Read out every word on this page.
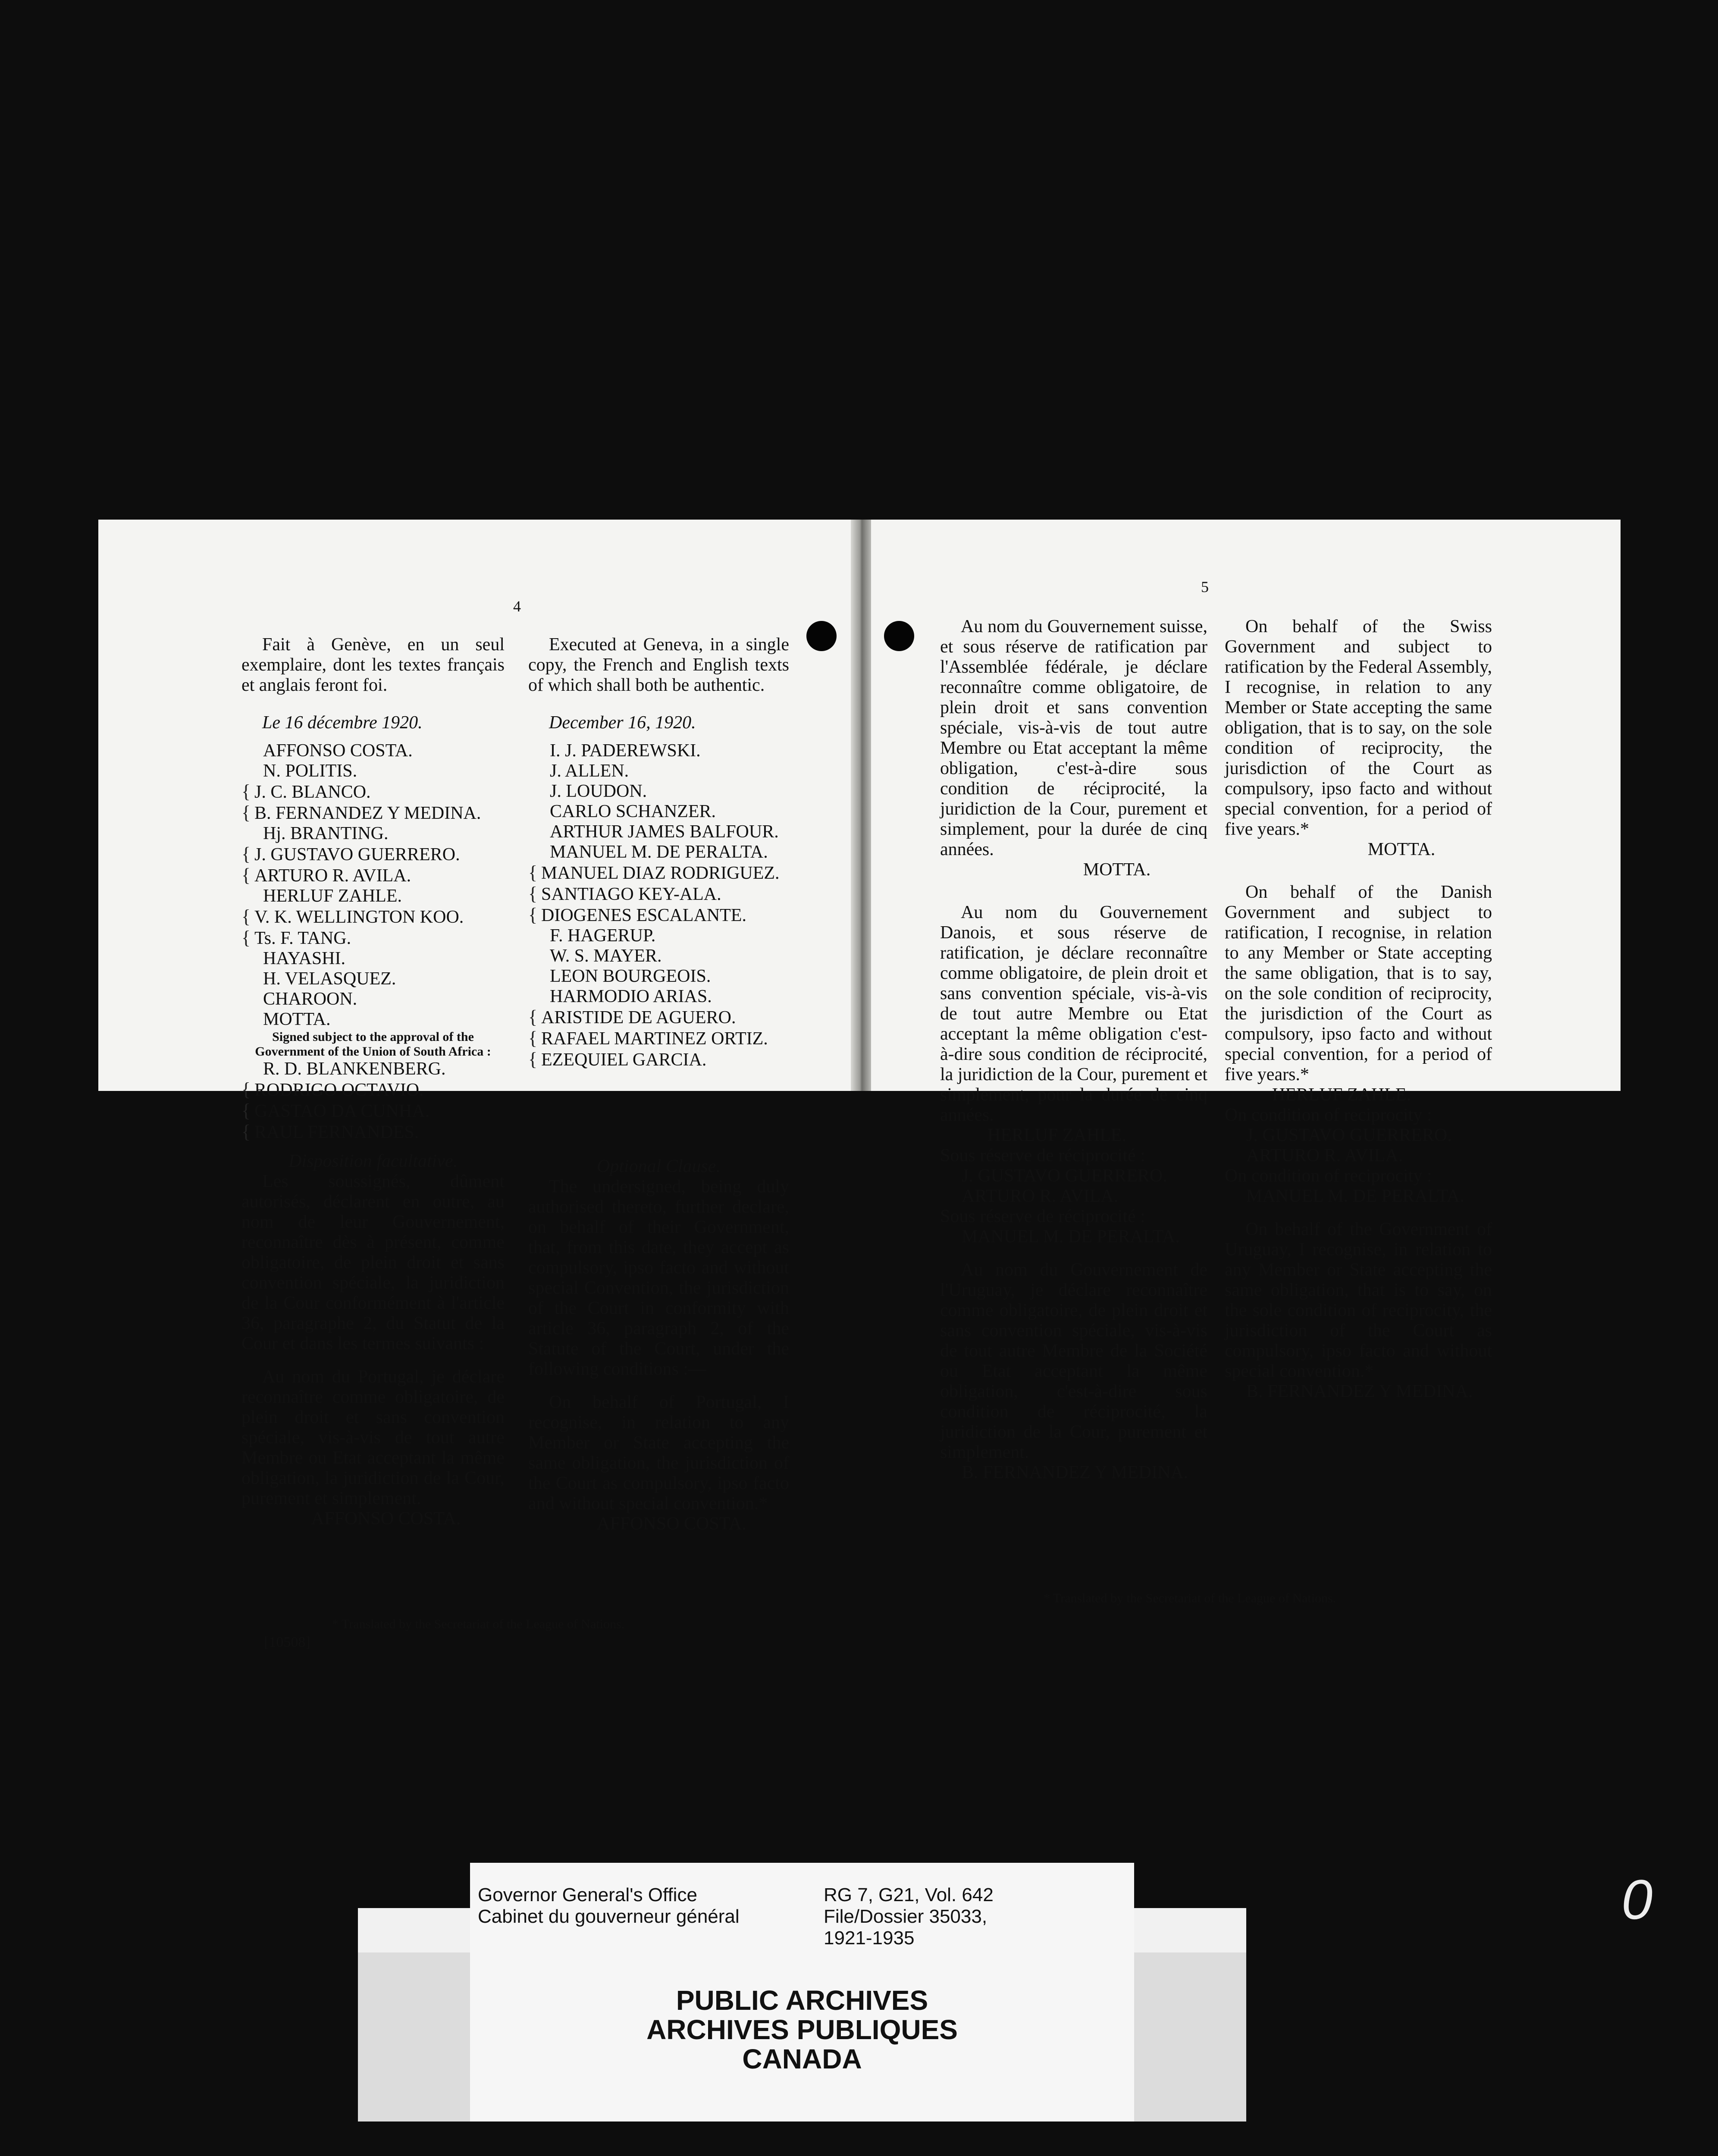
4

Fait à Genève, en un seul exemplaire, dont les textes français et anglais feront foi.

Le 16 décembre 1920.

AFFONSO COSTA.
N. POLITIS.
{ J. C. BLANCO.
{ B. FERNANDEZ Y MEDINA.
Hj. BRANTING.
{ J. GUSTAVO GUERRERO.
{ ARTURO R. AVILA.
HERLUF ZAHLE.
{ V. K. WELLINGTON KOO.
{ Ts. F. TANG.
HAYASHI.
H. VELASQUEZ.
CHAROON.
MOTTA.

Signed subject to the approval of the Government of the Union of South Africa :

R. D. BLANKENBERG.
{ RODRIGO OCTAVIO.
{ GASTAO DA CUNHA.
{ RAUL FERNANDES.

Disposition facultative.

Les soussignés, dûment autorisés, déclarent en outre, au nom de leur Gouvernement, reconnaître dès à présent, comme obligatoire, de plein droit et sans convention spéciale, la juridiction de la Cour conformément à l'article 36, paragraphe 2, du Statut de la Cour et dans les termes suivants :

Au nom du Portugal, je déclare reconnaître comme obligatoire, de plein droit et sans convention spéciale, vis-à-vis de tout autre Membre ou Etat acceptant la même obligation, la juridiction de la Cour, purement et simplement.

AFFONSO COSTA.

Executed at Geneva, in a single copy, the French and English texts of which shall both be authentic.

December 16, 1920.

I. J. PADEREWSKI.
J. ALLEN.
J. LOUDON.
CARLO SCHANZER.
ARTHUR JAMES BALFOUR.
MANUEL M. DE PERALTA.
{ MANUEL DIAZ RODRIGUEZ.
{ SANTIAGO KEY-ALA.
{ DIOGENES ESCALANTE.
F. HAGERUP.
W. S. MAYER.
LEON BOURGEOIS.
HARMODIO ARIAS.
{ ARISTIDE DE AGUERO.
{ RAFAEL MARTINEZ ORTIZ.
{ EZEQUIEL GARCIA.

Optional Clause.

The undersigned, being duly authorised thereto, further declare, on behalf of their Government, that, from this date, they accept as compulsory, ipso facto and without special Convention, the jurisdiction of the Court in conformity with article 36, paragraph 2, of the Statute of the Court, under the following conditions :—

On behalf of Portugal, I recognise, in relation to any Member or State accepting the same obligation, the jurisdiction of the Court as compulsory, ipso facto and without special convention.*

AFFONSO COSTA.

* Translated by the Secretariat of the League of Nations.
[10508]
5

Au nom du Gouvernement suisse, et sous réserve de ratification par l'Assemblée fédérale, je déclare reconnaître comme obligatoire, de plein droit et sans convention spéciale, vis-à-vis de tout autre Membre ou Etat acceptant la même obligation, c'est-à-dire sous condition de réciprocité, la juridiction de la Cour, purement et simplement, pour la durée de cinq années.

MOTTA.

Au nom du Gouvernement Danois, et sous réserve de ratification, je déclare reconnaître comme obligatoire, de plein droit et sans convention spéciale, vis-à-vis de tout autre Membre ou Etat acceptant la même obligation c'est-à-dire sous condition de réciprocité, la juridiction de la Cour, purement et simplement, pour la durée de cinq années.

HERLUF ZAHLE.

Sous réserve de réciprocité :

J. GUSTAVO GUERRERO.
ARTURO R. AVILA.

Sous réserve de réciprocité :

MANUEL M. DE PERALTA.

Au nom du Gouvernement de l'Uruguay, je déclare reconnaître comme obligatoire, de plein droit et sans convention spéciale, vis-à-vis de tout autre Membre de la Société ou Etat acceptant la même obligation, c'est-à-dire sous condition de réciprocité, la juridiction de la Cour, purement et simplement.

B. FERNANDEZ Y MEDINA.

On behalf of the Swiss Government and subject to ratification by the Federal Assembly, I recognise, in relation to any Member or State accepting the same obligation, that is to say, on the sole condition of reciprocity, the jurisdiction of the Court as compulsory, ipso facto and without special convention, for a period of five years.*

MOTTA.

On behalf of the Danish Government and subject to ratification, I recognise, in relation to any Member or State accepting the same obligation, that is to say, on the sole condition of reciprocity, the jurisdiction of the Court as compulsory, ipso facto and without special convention, for a period of five years.*

HERLUF ZAHLE.

On condition of reciprocity :

J. GUSTAVO GUERRERO.
ARTURO R. AVILA.

On condition of reciprocity :

MANUEL M. DE PERALTA.

On behalf of the Government of Uruguay, I recognise, in relation to any Member or State accepting the same obligation, that is to say, on the sole condition of reciprocity, the jurisdiction of the Court as compulsory, ipso facto and without special convention.*

B. FERNANDEZ Y MEDINA.
* Translated by the Secretariat of the League of Nations.
Governor General's Office
Cabinet du gouverneur général
RG 7, G21, Vol. 642
File/Dossier 35033,
1921-1935
PUBLIC ARCHIVES
ARCHIVES PUBLIQUES
CANADA
0
